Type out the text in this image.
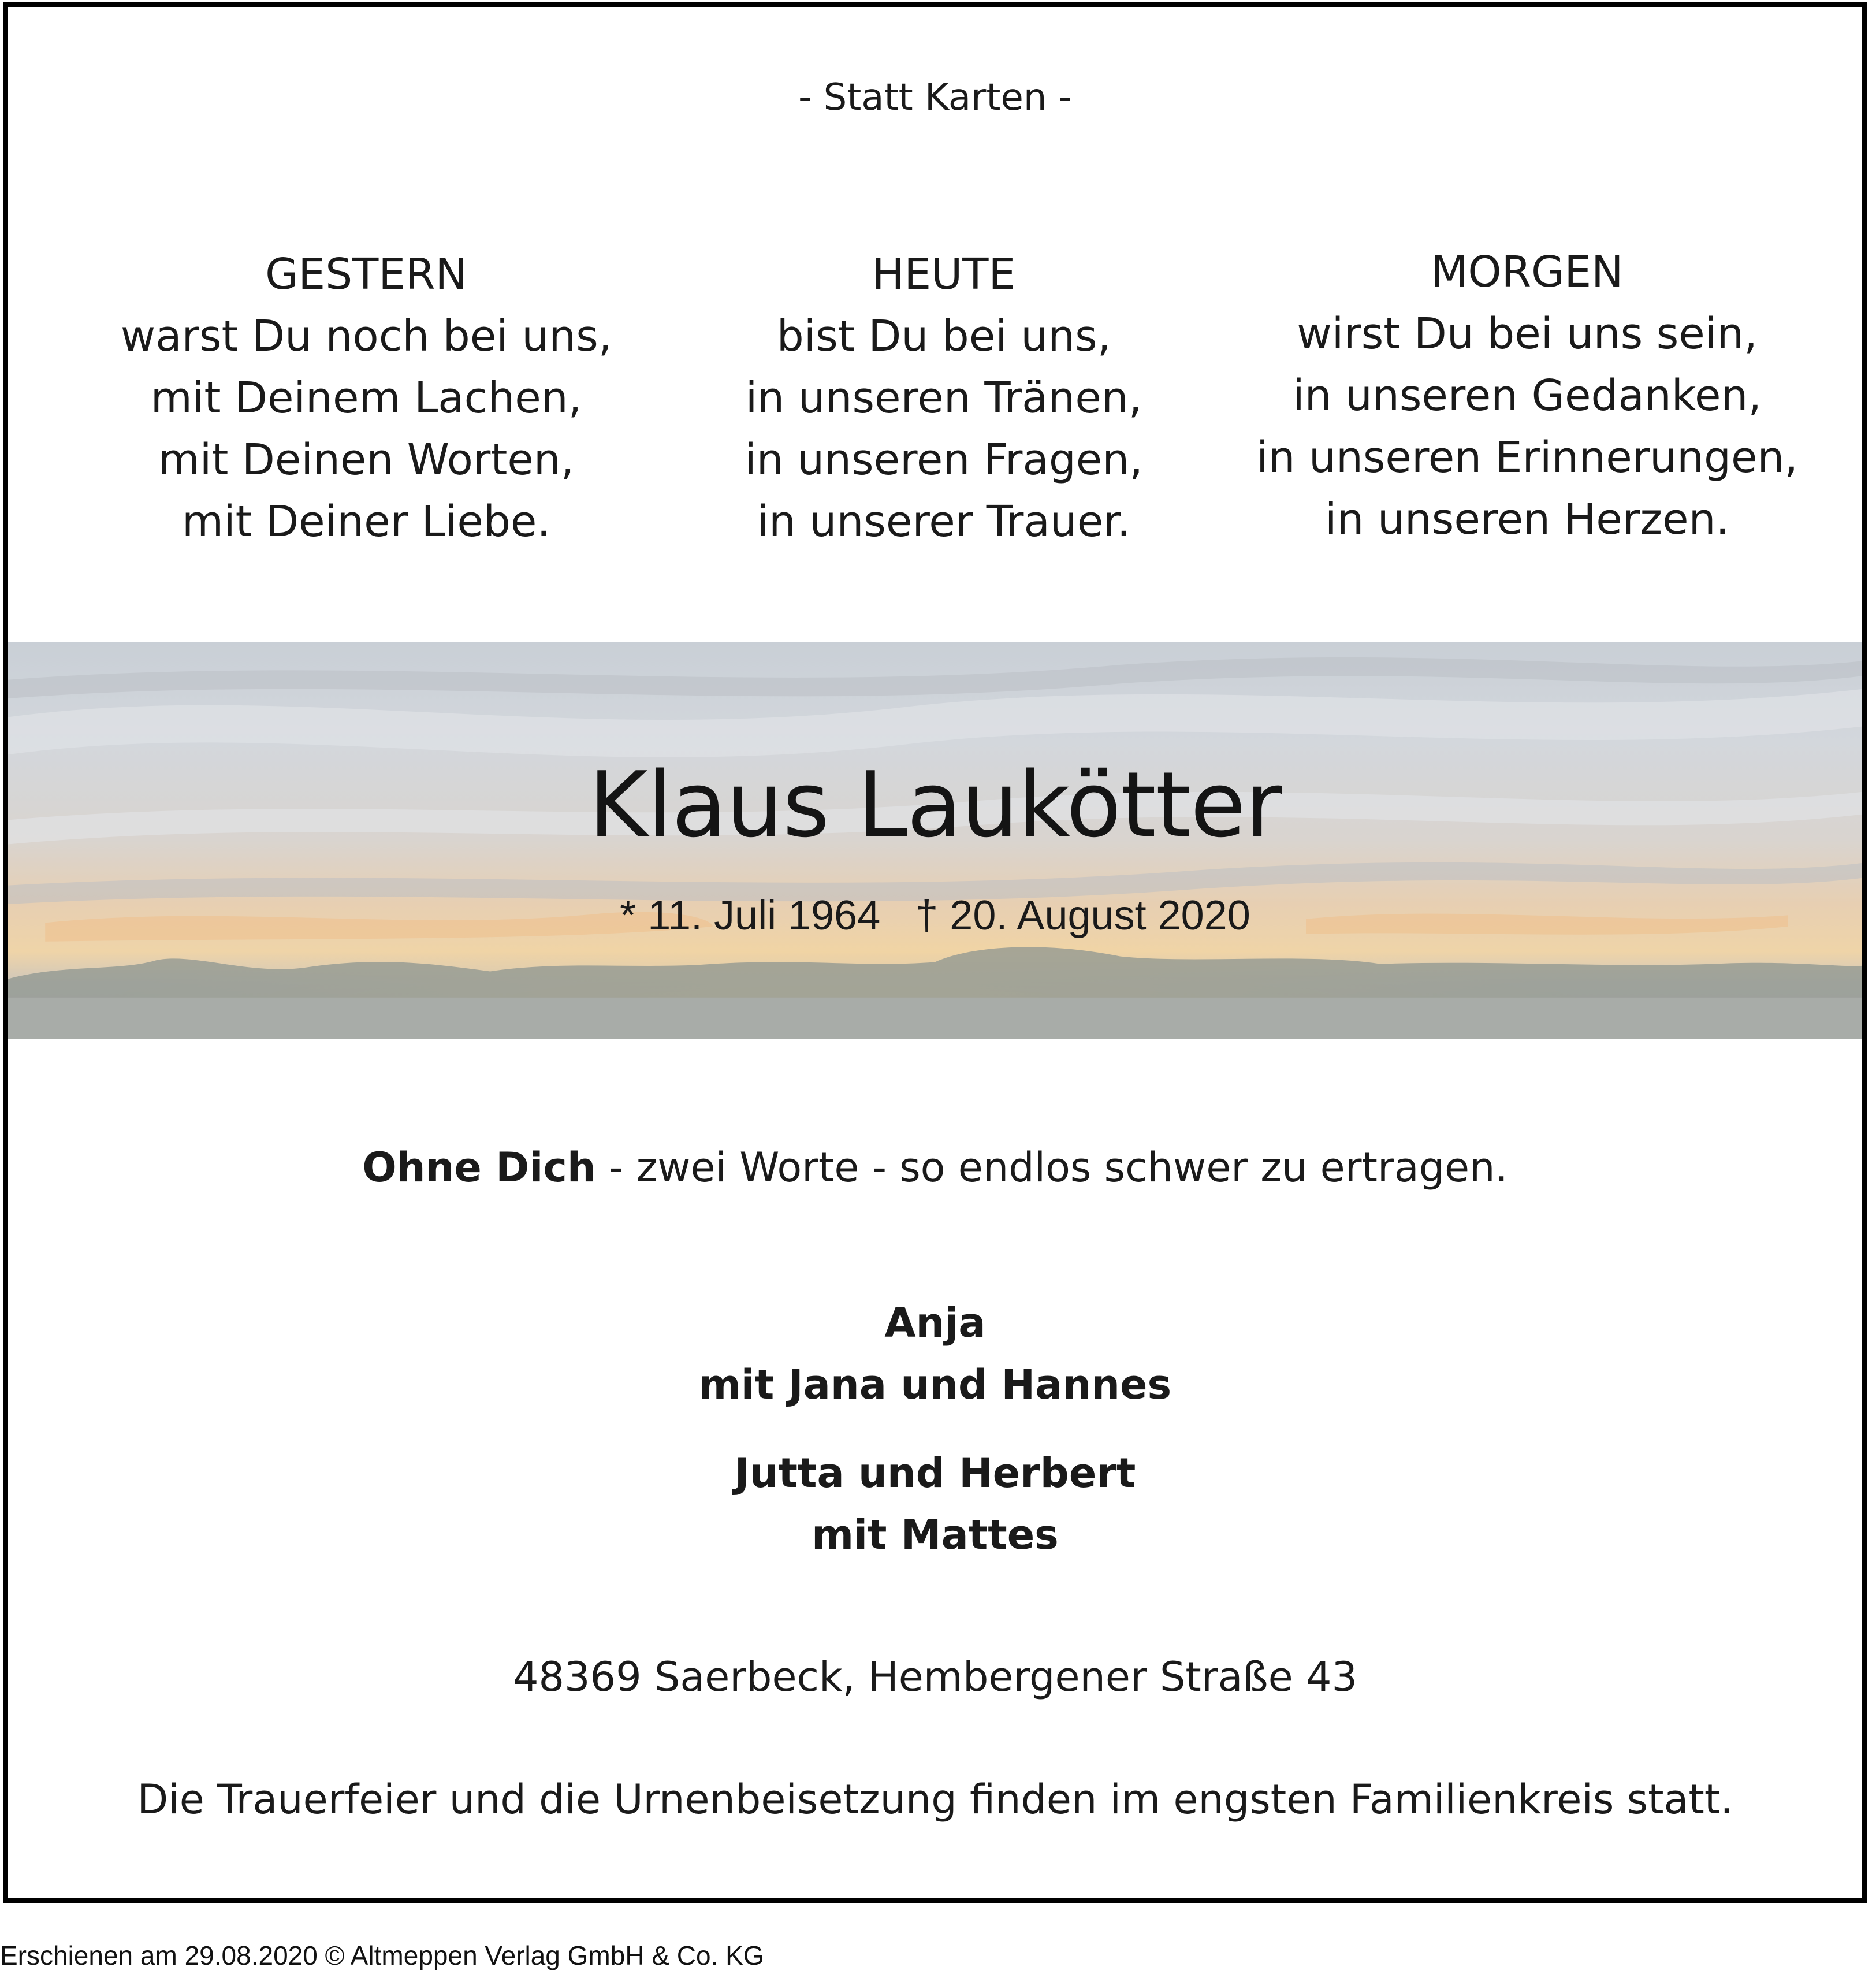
- Statt Karten -
GESTERN
warst Du noch bei uns,
mit Deinem Lachen,
mit Deinen Worten,
mit Deiner Liebe.
HEUTE
bist Du bei uns,
in unseren Tränen,
in unseren Fragen,
in unserer Trauer.
MORGEN
wirst Du bei uns sein,
in unseren Gedanken,
in unseren Erinnerungen,
in unseren Herzen.
Klaus Laukötter
* 11. Juli 1964 † 20. August 2020
Ohne Dich - zwei Worte - so endlos schwer zu ertragen.
Anja
mit Jana und Hannes
Jutta und Herbert
mit Mattes
48369 Saerbeck, Hembergener Straße 43
Die Trauerfeier und die Urnenbeisetzung finden im engsten Familienkreis statt.
Erschienen am 29.08.2020 © Altmeppen Verlag GmbH & Co. KG
